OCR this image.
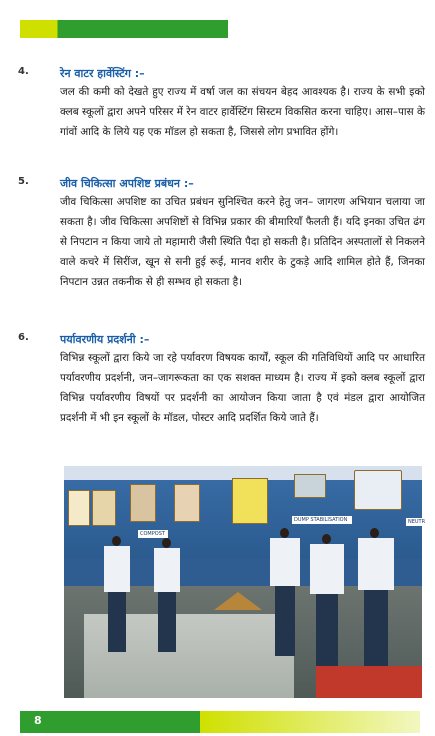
4.	रेन वाटर हार्वेस्टिंग :–
जल की कमी को देखते हुए राज्य में वर्षा जल का संचयन बेहद आवश्यक है। राज्य के सभी इको क्लब स्कूलों द्वारा अपने परिसर में रेन वाटर हार्वेस्टिंग सिस्टम विकसित करना चाहिए। आस–पास के गांवों आदि के लिये यह एक मॉडल हो सकता है, जिससे लोग प्रभावित होंगे।
5.	जीव चिकित्सा अपशिष्ट प्रबंधन :–
जीव चिकित्सा अपशिष्ट का उचित प्रबंधन सुनिश्चित करने हेतु जन– जागरण अभियान चलाया जा सकता है। जीव चिकित्सा अपशिष्टों से विभिन्न प्रकार की बीमारियाँ फैलती हैं। यदि इनका उचित ढंग से निपटान न किया जाये तो महामारी जैसी स्थिति पैदा हो सकती है। प्रतिदिन अस्पतालों से निकलने वाले कचरे में सिरींज, खून से सनी हुई रूई, मानव शरीर के टुकड़े आदि शामिल होते हैं, जिनका निपटान उन्नत तकनीक से ही सम्भव हो सकता है।
6.	पर्यावरणीय प्रदर्शनी :–
विभिन्न स्कूलों द्वारा किये जा रहे पर्यावरण विषयक कार्यों, स्कूल की गतिविधियों आदि पर आधारित पर्यावरणीय प्रदर्शनी, जन–जागरूकता का एक सशक्त माध्यम है। राज्य में इको क्लब स्कूलों द्वारा विभिन्न पर्यावरणीय विषयों पर प्रदर्शनी का आयोजन किया जाता है एवं मंडल द्वारा आयोजित प्रदर्शनी में भी इन स्कूलों के मॉडल, पोस्टर आदि प्रदर्शित किये जाते हैं।
DUMP STABILISATION	NEUTR
COMPOST
8
